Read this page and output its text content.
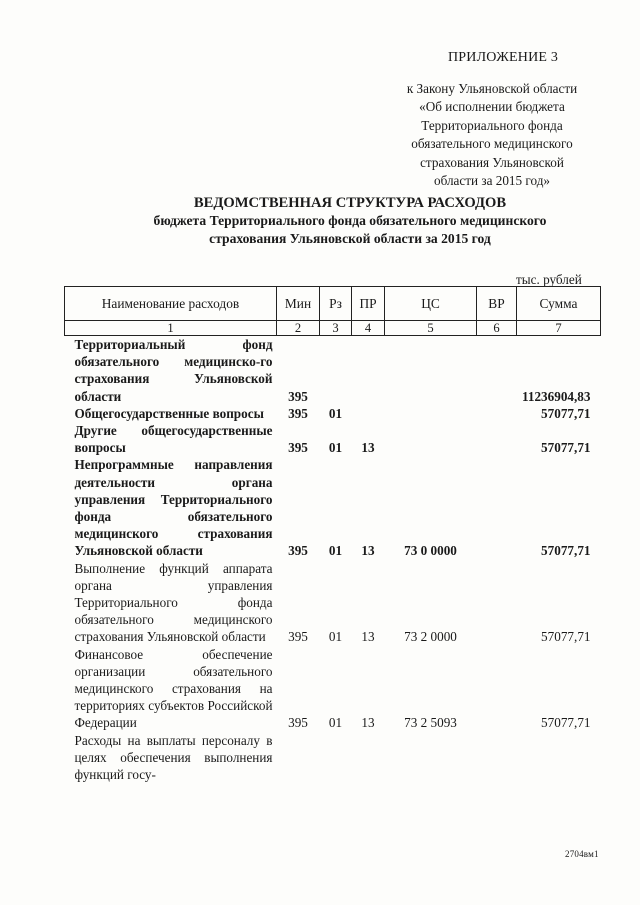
ПРИЛОЖЕНИЕ 3
к Закону Ульяновской области
«Об исполнении бюджета
Территориального фонда
обязательного медицинского
страхования Ульяновской
области за 2015 год»
ВЕДОМСТВЕННАЯ СТРУКТУРА РАСХОДОВ
бюджета Территориального фонда обязательного медицинского
страхования Ульяновской области за 2015 год
тыс. рублей
Наименование расходов	Мин	Рз	ПР	ЦС	ВР	Сумма
1	2	3	4	5	6	7
Территориальный фонд обязательного медицинско-го страхования Ульяновской области	395					11236904,83
Общегосударственные вопросы	395	01				57077,71
Другие общегосударственные вопросы	395	01	13			57077,71
Непрограммные направления деятельности органа управления Территориального фонда обязательного медицинского страхования Ульяновской области	395	01	13	73 0 0000		57077,71
Выполнение функций аппарата органа управления Территориального фонда обязательного медицинского страхования Ульяновской области	395	01	13	73 2 0000		57077,71
Финансовое обеспечение организации обязательного медицинского страхования на территориях субъектов Российской Федерации	395	01	13	73 2 5093		57077,71
Расходы на выплаты персоналу в целях обеспечения выполнения функций госу-						
2704вм1
